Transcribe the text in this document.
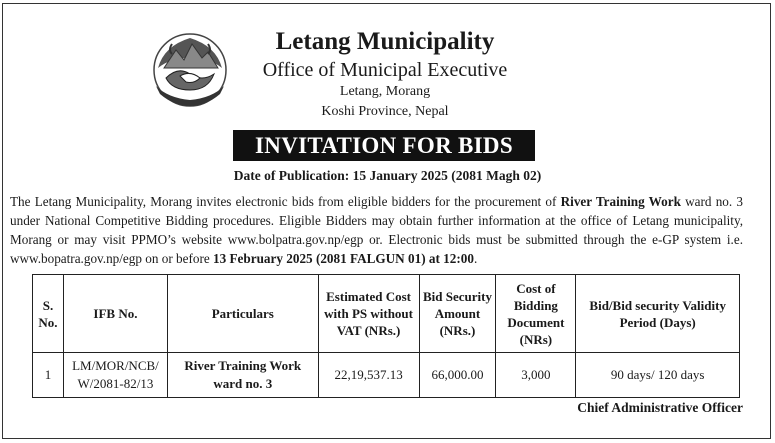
Letang Municipality
Office of Municipal Executive
Letang, Morang
Koshi Province, Nepal
INVITATION FOR BIDS
Date of Publication: 15 January 2025 (2081 Magh 02)
The Letang Municipality, Morang invites electronic bids from eligible bidders for the procurement of River Training Work ward no. 3 under National Competitive Bidding procedures. Eligible Bidders may obtain further information at the office of Letang municipality, Morang or may visit PPMO’s website www.bolpatra.gov.np/egp or. Electronic bids must be submitted through the e-GP system i.e. www.bopatra.gov.np/egp on or before 13 February 2025 (2081 FALGUN 01) at 12:00.
S. No.	IFB No.	Particulars	Estimated Cost with PS without VAT (NRs.)	Bid Security Amount (NRs.)	Cost of Bidding Document (NRs)	Bid/Bid security Validity Period (Days)
1	LM/MOR/NCB/ W/2081-82/13	River Training Work ward no. 3	22,19,537.13	66,000.00	3,000	90 days/ 120 days
Chief Administrative Officer
